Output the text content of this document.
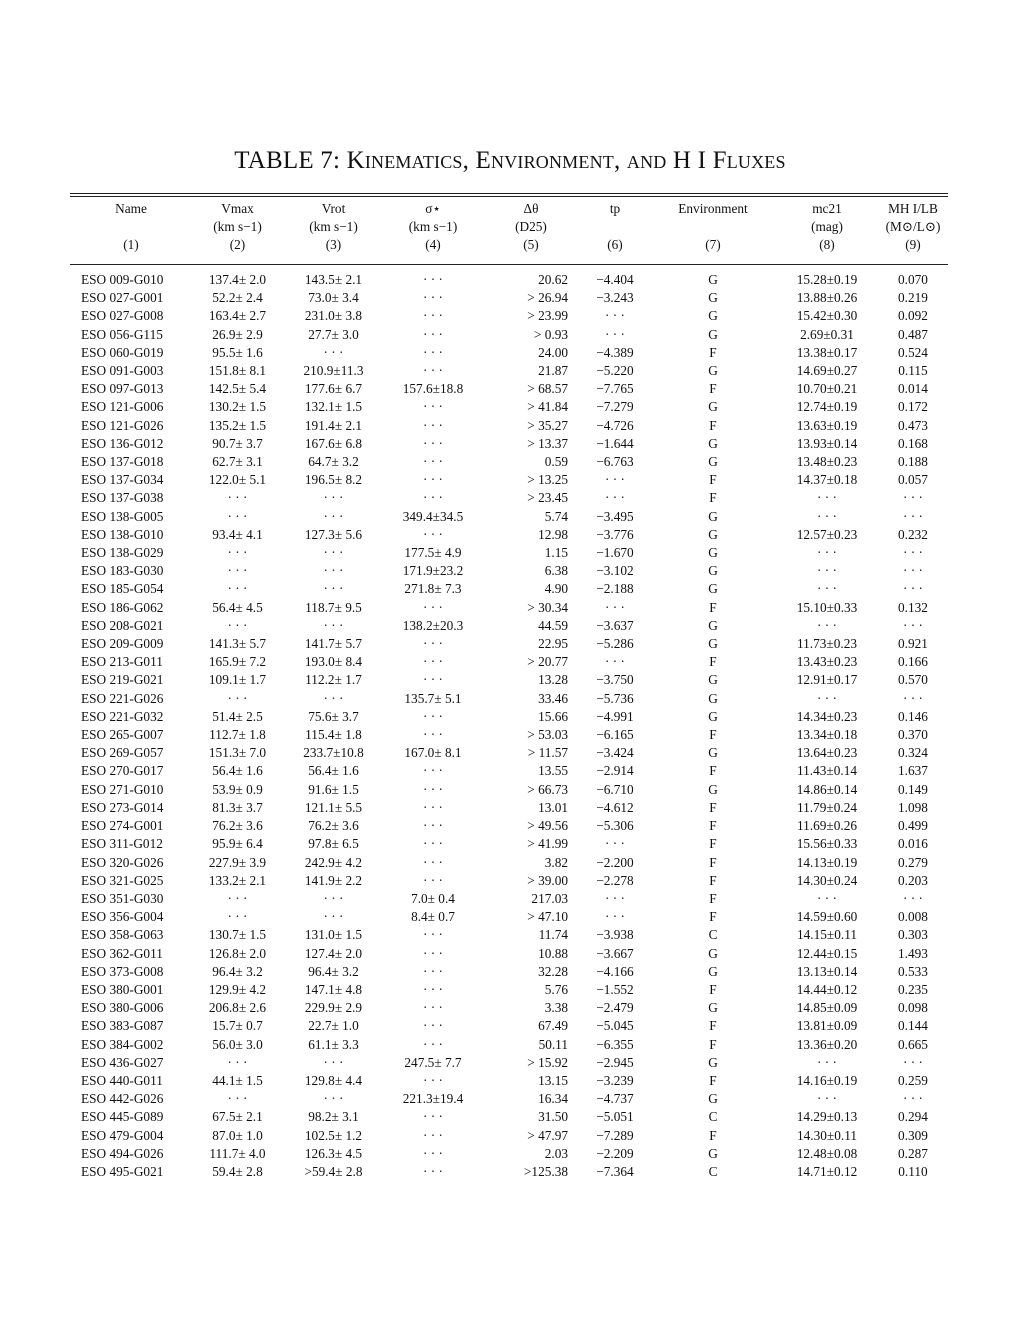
TABLE 7: Kinematics, Environment, and H I Fluxes
Name	Vmax	Vrot	σ⋆	Δθ	tp	Environment	mc21	MH I/LB
	(km s−1)	(km s−1)	(km s−1)	(D25)			(mag)	(M⊙/L⊙)
(1)	(2)	(3)	(4)	(5)	(6)	(7)	(8)	(9)

ESO 009-G010	137.4± 2.0	143.5± 2.1	· · ·	20.62	−4.404	G	15.28±0.19	0.070
ESO 027-G001	52.2± 2.4	73.0± 3.4	· · ·	> 26.94	−3.243	G	13.88±0.26	0.219
ESO 027-G008	163.4± 2.7	231.0± 3.8	· · ·	> 23.99	· · ·	G	15.42±0.30	0.092
ESO 056-G115	26.9± 2.9	27.7± 3.0	· · ·	> 0.93	· · ·	G	2.69±0.31	0.487
ESO 060-G019	95.5± 1.6	· · ·	· · ·	24.00	−4.389	F	13.38±0.17	0.524
ESO 091-G003	151.8± 8.1	210.9±11.3	· · ·	21.87	−5.220	G	14.69±0.27	0.115
ESO 097-G013	142.5± 5.4	177.6± 6.7	157.6±18.8	> 68.57	−7.765	F	10.70±0.21	0.014
ESO 121-G006	130.2± 1.5	132.1± 1.5	· · ·	> 41.84	−7.279	G	12.74±0.19	0.172
ESO 121-G026	135.2± 1.5	191.4± 2.1	· · ·	> 35.27	−4.726	F	13.63±0.19	0.473
ESO 136-G012	90.7± 3.7	167.6± 6.8	· · ·	> 13.37	−1.644	G	13.93±0.14	0.168
ESO 137-G018	62.7± 3.1	64.7± 3.2	· · ·	0.59	−6.763	G	13.48±0.23	0.188
ESO 137-G034	122.0± 5.1	196.5± 8.2	· · ·	> 13.25	· · ·	F	14.37±0.18	0.057
ESO 137-G038	· · ·	· · ·	· · ·	> 23.45	· · ·	F	· · ·	· · ·
ESO 138-G005	· · ·	· · ·	349.4±34.5	5.74	−3.495	G	· · ·	· · ·
ESO 138-G010	93.4± 4.1	127.3± 5.6	· · ·	12.98	−3.776	G	12.57±0.23	0.232
ESO 138-G029	· · ·	· · ·	177.5± 4.9	1.15	−1.670	G	· · ·	· · ·
ESO 183-G030	· · ·	· · ·	171.9±23.2	6.38	−3.102	G	· · ·	· · ·
ESO 185-G054	· · ·	· · ·	271.8± 7.3	4.90	−2.188	G	· · ·	· · ·
ESO 186-G062	56.4± 4.5	118.7± 9.5	· · ·	> 30.34	· · ·	F	15.10±0.33	0.132
ESO 208-G021	· · ·	· · ·	138.2±20.3	44.59	−3.637	G	· · ·	· · ·
ESO 209-G009	141.3± 5.7	141.7± 5.7	· · ·	22.95	−5.286	G	11.73±0.23	0.921
ESO 213-G011	165.9± 7.2	193.0± 8.4	· · ·	> 20.77	· · ·	F	13.43±0.23	0.166
ESO 219-G021	109.1± 1.7	112.2± 1.7	· · ·	13.28	−3.750	G	12.91±0.17	0.570
ESO 221-G026	· · ·	· · ·	135.7± 5.1	33.46	−5.736	G	· · ·	· · ·
ESO 221-G032	51.4± 2.5	75.6± 3.7	· · ·	15.66	−4.991	G	14.34±0.23	0.146
ESO 265-G007	112.7± 1.8	115.4± 1.8	· · ·	> 53.03	−6.165	F	13.34±0.18	0.370
ESO 269-G057	151.3± 7.0	233.7±10.8	167.0± 8.1	> 11.57	−3.424	G	13.64±0.23	0.324
ESO 270-G017	56.4± 1.6	56.4± 1.6	· · ·	13.55	−2.914	F	11.43±0.14	1.637
ESO 271-G010	53.9± 0.9	91.6± 1.5	· · ·	> 66.73	−6.710	G	14.86±0.14	0.149
ESO 273-G014	81.3± 3.7	121.1± 5.5	· · ·	13.01	−4.612	F	11.79±0.24	1.098
ESO 274-G001	76.2± 3.6	76.2± 3.6	· · ·	> 49.56	−5.306	F	11.69±0.26	0.499
ESO 311-G012	95.9± 6.4	97.8± 6.5	· · ·	> 41.99	· · ·	F	15.56±0.33	0.016
ESO 320-G026	227.9± 3.9	242.9± 4.2	· · ·	3.82	−2.200	F	14.13±0.19	0.279
ESO 321-G025	133.2± 2.1	141.9± 2.2	· · ·	> 39.00	−2.278	F	14.30±0.24	0.203
ESO 351-G030	· · ·	· · ·	7.0± 0.4	217.03	· · ·	F	· · ·	· · ·
ESO 356-G004	· · ·	· · ·	8.4± 0.7	> 47.10	· · ·	F	14.59±0.60	0.008
ESO 358-G063	130.7± 1.5	131.0± 1.5	· · ·	11.74	−3.938	C	14.15±0.11	0.303
ESO 362-G011	126.8± 2.0	127.4± 2.0	· · ·	10.88	−3.667	G	12.44±0.15	1.493
ESO 373-G008	96.4± 3.2	96.4± 3.2	· · ·	32.28	−4.166	G	13.13±0.14	0.533
ESO 380-G001	129.9± 4.2	147.1± 4.8	· · ·	5.76	−1.552	F	14.44±0.12	0.235
ESO 380-G006	206.8± 2.6	229.9± 2.9	· · ·	3.38	−2.479	G	14.85±0.09	0.098
ESO 383-G087	15.7± 0.7	22.7± 1.0	· · ·	67.49	−5.045	F	13.81±0.09	0.144
ESO 384-G002	56.0± 3.0	61.1± 3.3	· · ·	50.11	−6.355	F	13.36±0.20	0.665
ESO 436-G027	· · ·	· · ·	247.5± 7.7	> 15.92	−2.945	G	· · ·	· · ·
ESO 440-G011	44.1± 1.5	129.8± 4.4	· · ·	13.15	−3.239	F	14.16±0.19	0.259
ESO 442-G026	· · ·	· · ·	221.3±19.4	16.34	−4.737	G	· · ·	· · ·
ESO 445-G089	67.5± 2.1	98.2± 3.1	· · ·	31.50	−5.051	C	14.29±0.13	0.294
ESO 479-G004	87.0± 1.0	102.5± 1.2	· · ·	> 47.97	−7.289	F	14.30±0.11	0.309
ESO 494-G026	111.7± 4.0	126.3± 4.5	· · ·	2.03	−2.209	G	12.48±0.08	0.287
ESO 495-G021	59.4± 2.8	>59.4± 2.8	· · ·	>125.38	−7.364	C	14.71±0.12	0.110
